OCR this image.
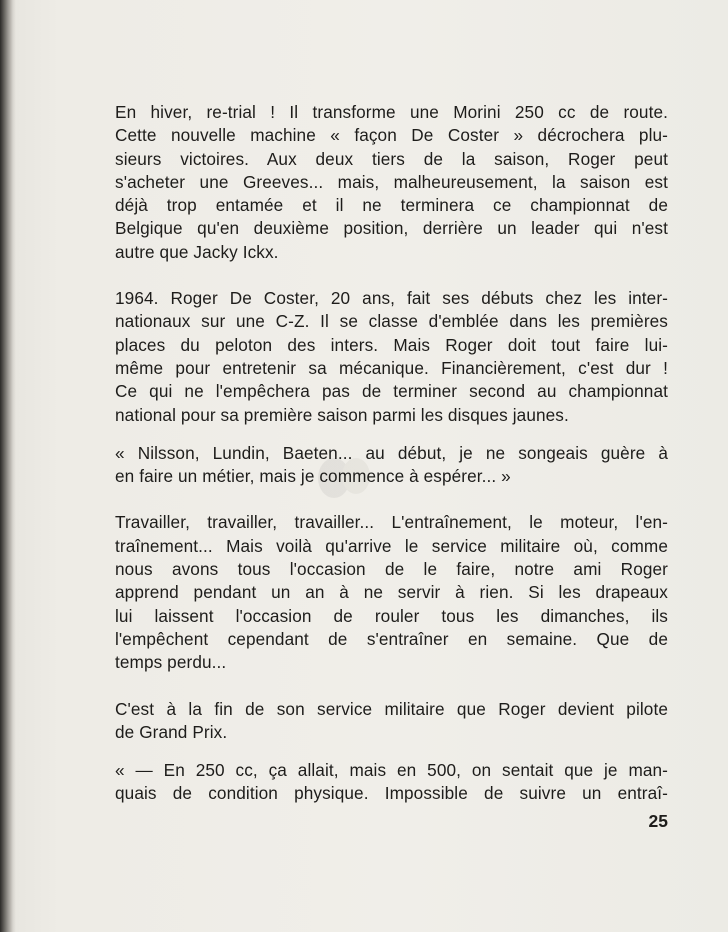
En hiver, re-trial ! Il transforme une Morini 250 cc de route.
Cette nouvelle machine « façon De Coster » décrochera plu-
sieurs victoires. Aux deux tiers de la saison, Roger peut
s'acheter une Greeves... mais, malheureusement, la saison est
déjà trop entamée et il ne terminera ce championnat de
Belgique qu'en deuxième position, derrière un leader qui n'est
autre que Jacky Ickx.

1964. Roger De Coster, 20 ans, fait ses débuts chez les inter-
nationaux sur une C-Z. Il se classe d'emblée dans les premières
places du peloton des inters. Mais Roger doit tout faire lui-
même pour entretenir sa mécanique. Financièrement, c'est dur !
Ce qui ne l'empêchera pas de terminer second au championnat
national pour sa première saison parmi les disques jaunes.

« Nilsson, Lundin, Baeten... au début, je ne songeais guère à
en faire un métier, mais je commence à espérer... »

Travailler, travailler, travailler... L'entraînement, le moteur, l'en-
traînement... Mais voilà qu'arrive le service militaire où, comme
nous avons tous l'occasion de le faire, notre ami Roger
apprend pendant un an à ne servir à rien. Si les drapeaux
lui laissent l'occasion de rouler tous les dimanches, ils
l'empêchent cependant de s'entraîner en semaine. Que de
temps perdu...

C'est à la fin de son service militaire que Roger devient pilote
de Grand Prix.

« — En 250 cc, ça allait, mais en 500, on sentait que je man-
quais de condition physique. Impossible de suivre un entraî-

25
